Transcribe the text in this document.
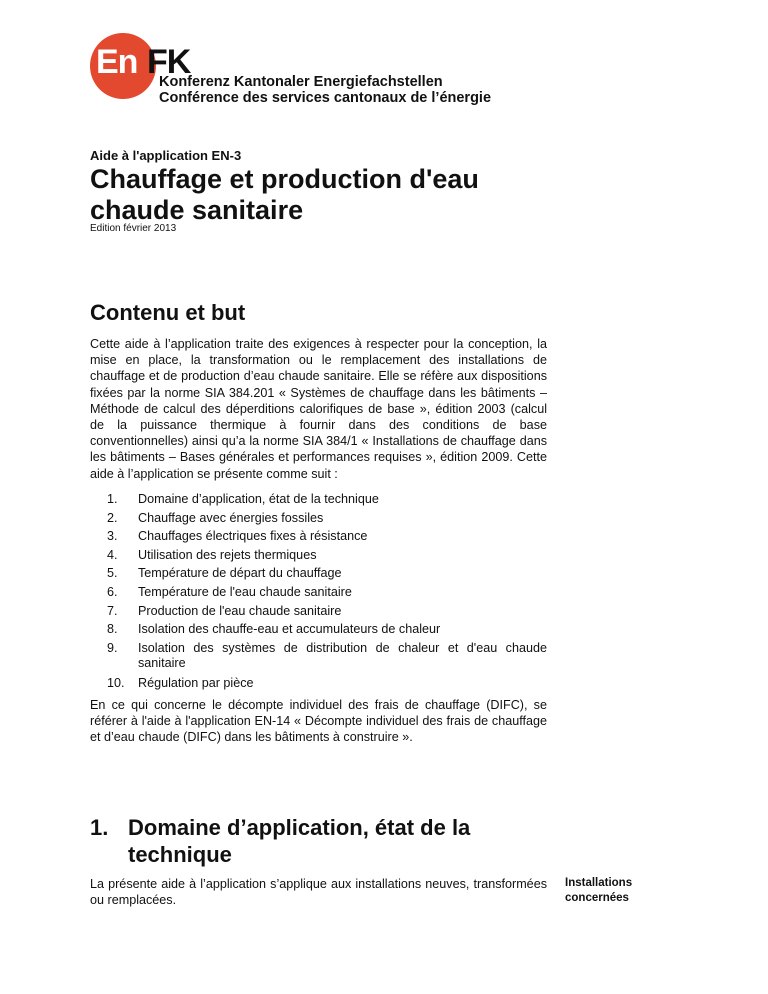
En FK
Konferenz Kantonaler Energiefachstellen
Conférence des services cantonaux de l’énergie
Aide à l'application EN-3
Chauffage et production d'eau
chaude sanitaire
Edition février 2013
Contenu et but

Cette aide à l’application traite des exigences à respecter pour la conception, la mise en place, la transformation ou le remplacement des installations de chauffage et de production d’eau chaude sanitaire. Elle se réfère aux dispositions fixées par la norme SIA 384.201 « Systèmes de chauffage dans les bâtiments – Méthode de calcul des déperditions calorifiques de base », édition 2003 (calcul de la puissance thermique à fournir dans des conditions de base conventionnelles) ainsi qu’a la norme SIA 384/1 « Installations de chauffage dans les bâtiments – Bases générales et performances requises », édition 2009. Cette aide à l’application se présente comme suit :

1. Domaine d’application, état de la technique
2. Chauffage avec énergies fossiles
3. Chauffages électriques fixes à résistance
4. Utilisation des rejets thermiques
5. Température de départ du chauffage
6. Température de l'eau chaude sanitaire
7. Production de l'eau chaude sanitaire
8. Isolation des chauffe-eau et accumulateurs de chaleur
9. Isolation des systèmes de distribution de chaleur et d'eau chaude sanitaire
10. Régulation par pièce

En ce qui concerne le décompte individuel des frais de chauffage (DIFC), se référer à l'aide à l'application EN-14 « Décompte individuel des frais de chauffage et d’eau chaude (DIFC) dans les bâtiments à construire ».

1. Domaine d’application, état de la technique

La présente aide à l’application s’applique aux installations neuves, transformées ou remplacées.

Installations
concernées
